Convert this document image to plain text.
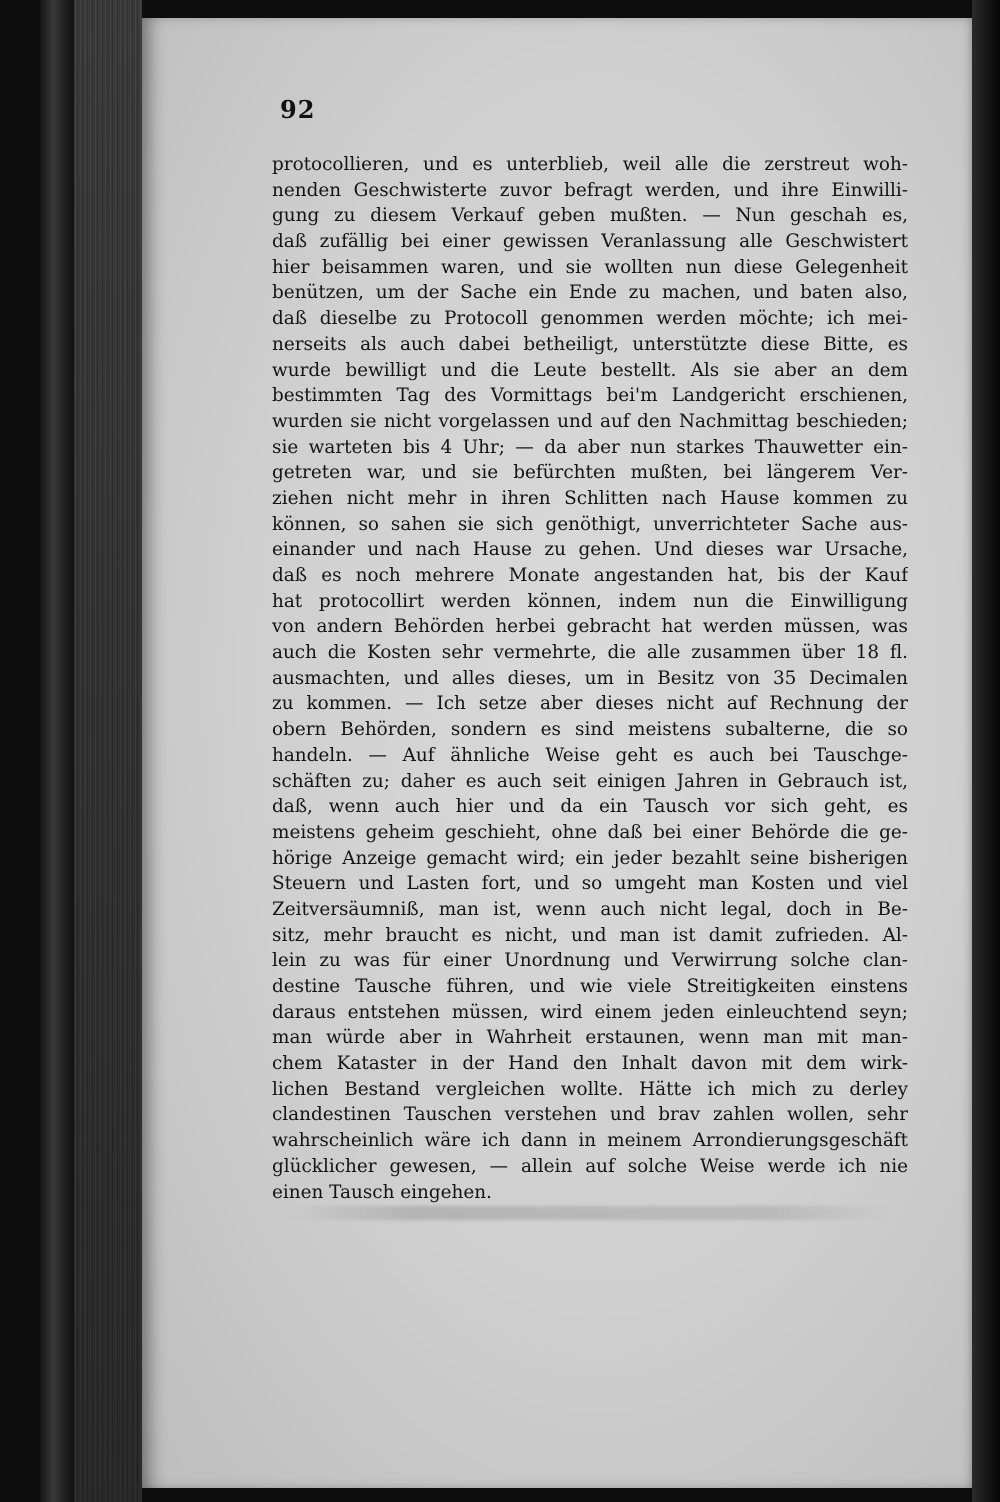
92
protocollieren, und es unterblieb, weil alle die zerstreut woh-
nenden Geschwisterte zuvor befragt werden, und ihre Einwilli-
gung zu diesem Verkauf geben mußten. — Nun geschah es,
daß zufällig bei einer gewissen Veranlassung alle Geschwistert
hier beisammen waren, und sie wollten nun diese Gelegenheit
benützen, um der Sache ein Ende zu machen, und baten also,
daß dieselbe zu Protocoll genommen werden möchte; ich mei-
nerseits als auch dabei betheiligt, unterstützte diese Bitte, es
wurde bewilligt und die Leute bestellt. Als sie aber an dem
bestimmten Tag des Vormittags bei'm Landgericht erschienen,
wurden sie nicht vorgelassen und auf den Nachmittag beschieden;
sie warteten bis 4 Uhr; — da aber nun starkes Thauwetter ein-
getreten war, und sie befürchten mußten, bei längerem Ver-
ziehen nicht mehr in ihren Schlitten nach Hause kommen zu
können, so sahen sie sich genöthigt, unverrichteter Sache aus-
einander und nach Hause zu gehen. Und dieses war Ursache,
daß es noch mehrere Monate angestanden hat, bis der Kauf
hat protocollirt werden können, indem nun die Einwilligung
von andern Behörden herbei gebracht hat werden müssen, was
auch die Kosten sehr vermehrte, die alle zusammen über 18 fl.
ausmachten, und alles dieses, um in Besitz von 35 Decimalen
zu kommen. — Ich setze aber dieses nicht auf Rechnung der
obern Behörden, sondern es sind meistens subalterne, die so
handeln. — Auf ähnliche Weise geht es auch bei Tauschge-
schäften zu; daher es auch seit einigen Jahren in Gebrauch ist,
daß, wenn auch hier und da ein Tausch vor sich geht, es
meistens geheim geschieht, ohne daß bei einer Behörde die ge-
hörige Anzeige gemacht wird; ein jeder bezahlt seine bisherigen
Steuern und Lasten fort, und so umgeht man Kosten und viel
Zeitversäumniß, man ist, wenn auch nicht legal, doch in Be-
sitz, mehr braucht es nicht, und man ist damit zufrieden. Al-
lein zu was für einer Unordnung und Verwirrung solche clan-
destine Tausche führen, und wie viele Streitigkeiten einstens
daraus entstehen müssen, wird einem jeden einleuchtend seyn;
man würde aber in Wahrheit erstaunen, wenn man mit man-
chem Kataster in der Hand den Inhalt davon mit dem wirk-
lichen Bestand vergleichen wollte. Hätte ich mich zu derley
clandestinen Tauschen verstehen und brav zahlen wollen, sehr
wahrscheinlich wäre ich dann in meinem Arrondierungsgeschäft
glücklicher gewesen, — allein auf solche Weise werde ich nie
einen Tausch eingehen.
